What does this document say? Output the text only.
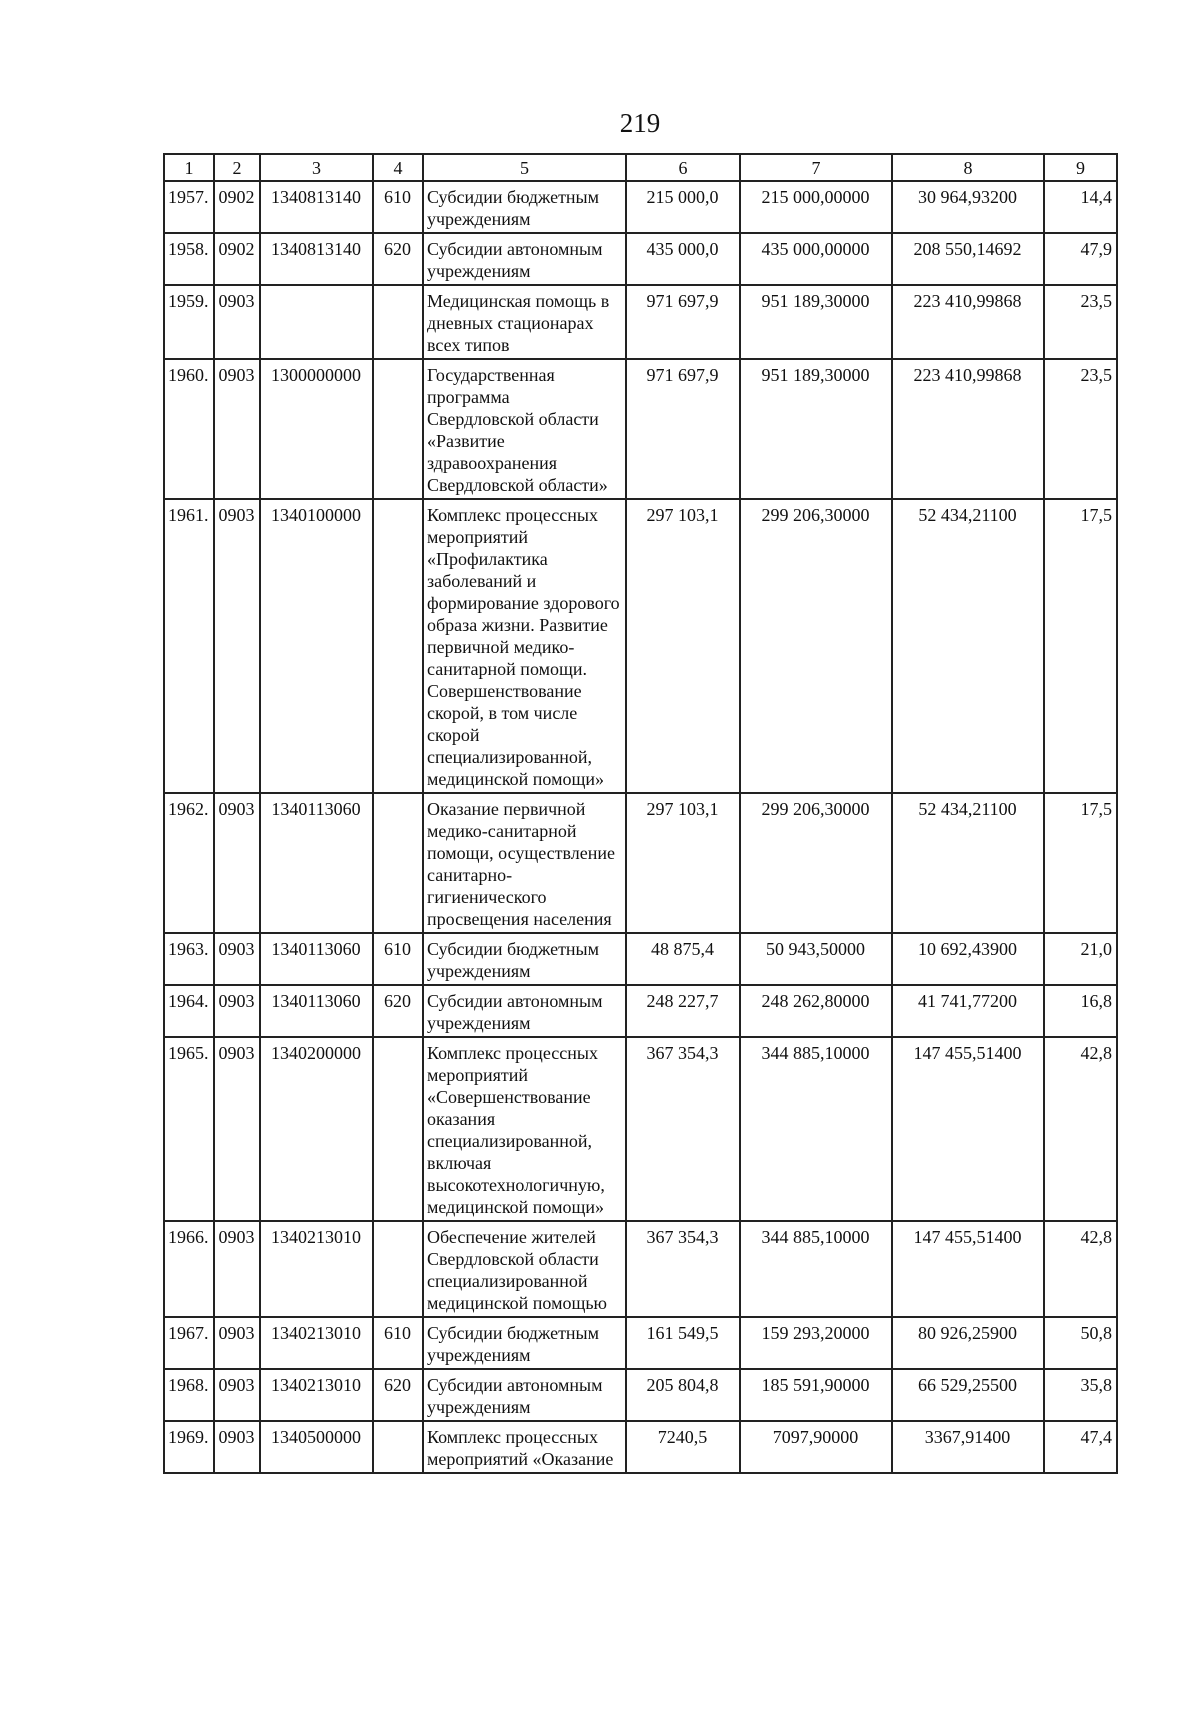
219
1	2	3	4	5	6	7	8	9
1957.	0902	1340813140	610	Субсидии бюджетным учреждениям	215 000,0	215 000,00000	30 964,93200	14,4
1958.	0902	1340813140	620	Субсидии автономным учреждениям	435 000,0	435 000,00000	208 550,14692	47,9
1959.	0903			Медицинская помощь в дневных стационарах всех типов	971 697,9	951 189,30000	223 410,99868	23,5
1960.	0903	1300000000		Государственная программа Свердловской области «Развитие здравоохранения Свердловской области»	971 697,9	951 189,30000	223 410,99868	23,5
1961.	0903	1340100000		Комплекс процессных мероприятий «Профилактика заболеваний и формирование здорового образа жизни. Развитие первичной медико-санитарной помощи. Совершенствование скорой, в том числе скорой специализированной, медицинской помощи»	297 103,1	299 206,30000	52 434,21100	17,5
1962.	0903	1340113060		Оказание первичной медико-санитарной помощи, осуществление санитарно-гигиенического просвещения населения	297 103,1	299 206,30000	52 434,21100	17,5
1963.	0903	1340113060	610	Субсидии бюджетным учреждениям	48 875,4	50 943,50000	10 692,43900	21,0
1964.	0903	1340113060	620	Субсидии автономным учреждениям	248 227,7	248 262,80000	41 741,77200	16,8
1965.	0903	1340200000		Комплекс процессных мероприятий «Совершенствование оказания специализированной, включая высокотехнологичную, медицинской помощи»	367 354,3	344 885,10000	147 455,51400	42,8
1966.	0903	1340213010		Обеспечение жителей Свердловской области специализированной медицинской помощью	367 354,3	344 885,10000	147 455,51400	42,8
1967.	0903	1340213010	610	Субсидии бюджетным учреждениям	161 549,5	159 293,20000	80 926,25900	50,8
1968.	0903	1340213010	620	Субсидии автономным учреждениям	205 804,8	185 591,90000	66 529,25500	35,8
1969.	0903	1340500000		Комплекс процессных мероприятий «Оказание	7240,5	7097,90000	3367,91400	47,4
